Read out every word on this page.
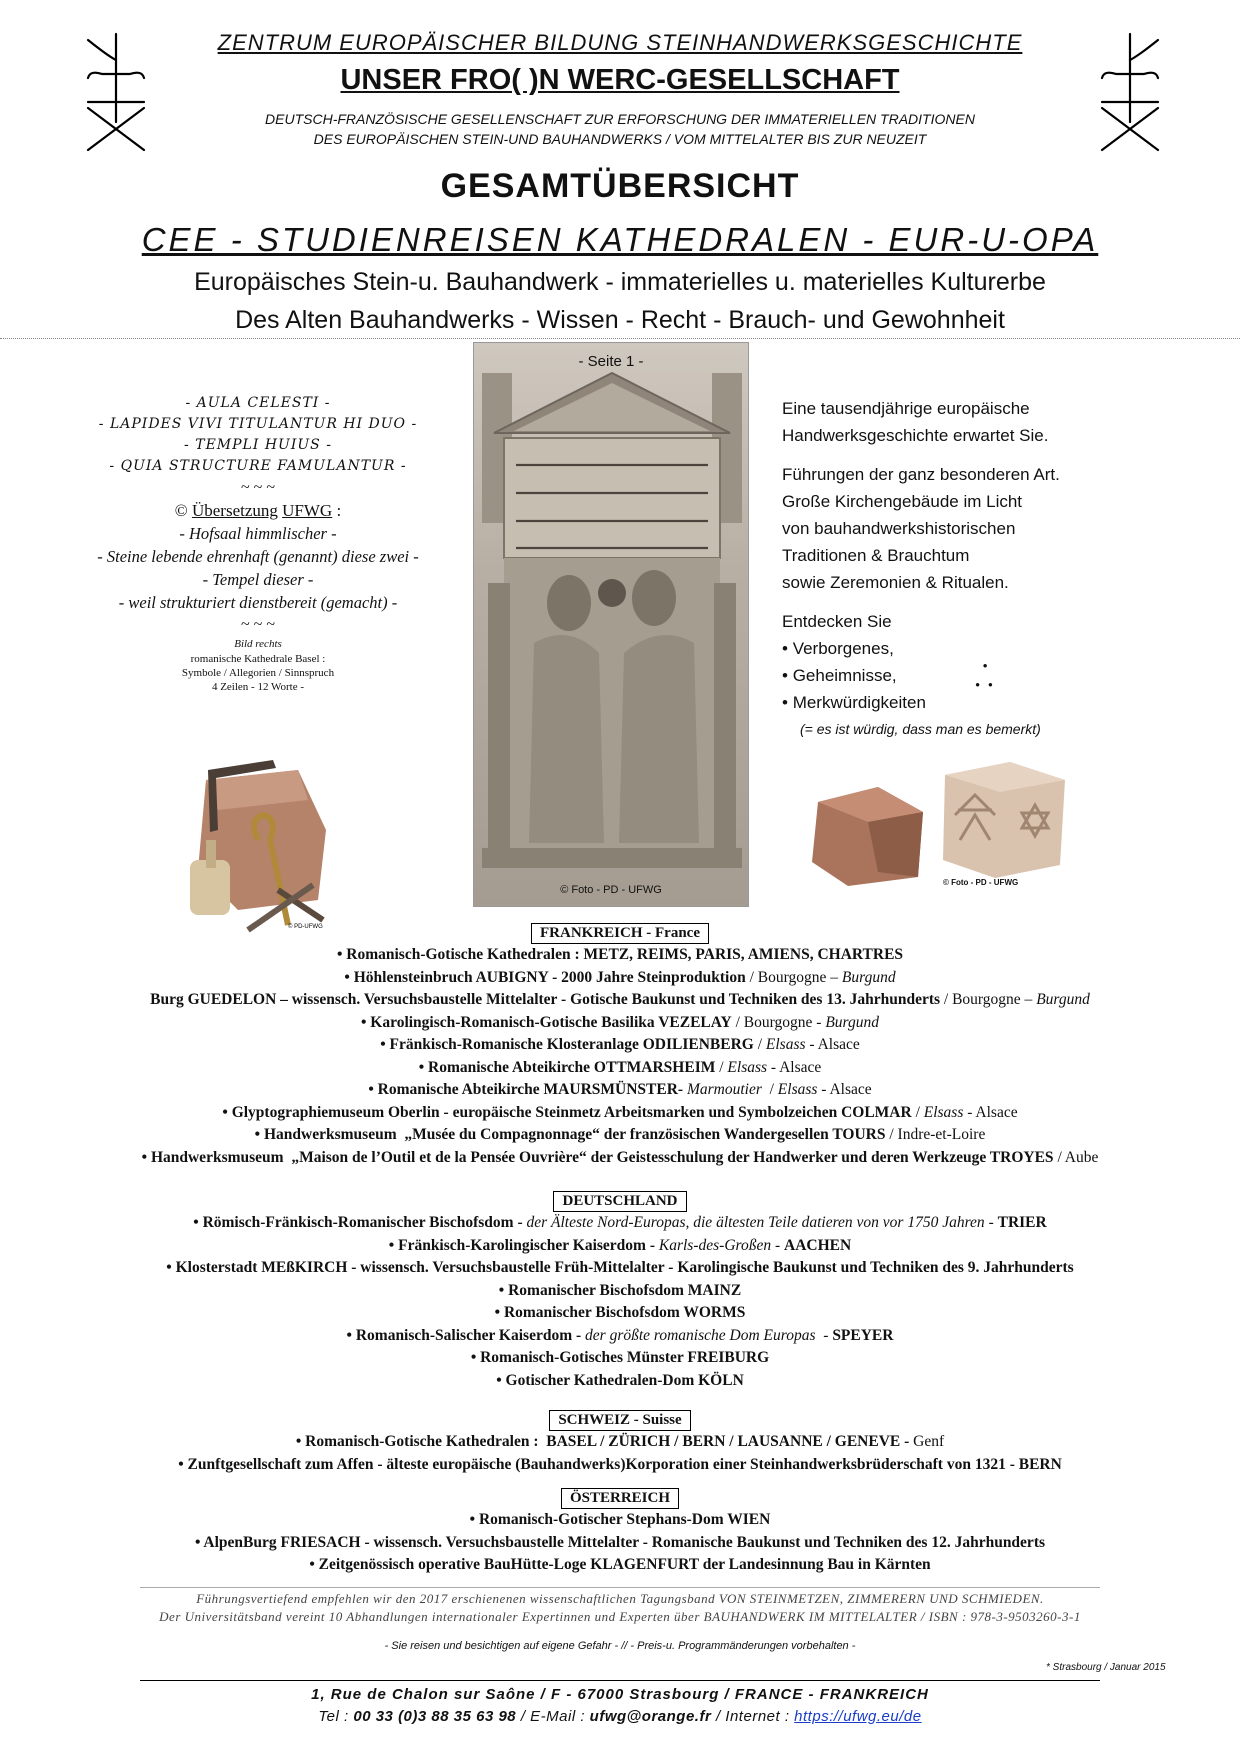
ZENTRUM EUROPÄISCHER BILDUNG STEINHANDWERKSGESCHICHTE
UNSER FRO( )N WERC-GESELLSCHAFT
DEUTSCH-FRANZÖSISCHE GESELLENSCHAFT ZUR ERFORSCHUNG DER IMMATERIELLEN TRADITIONEN
DES EUROPÄISCHEN STEIN-UND BAUHANDWERKS / VOM MITTELALTER BIS ZUR NEUZEIT
GESAMTÜBERSICHT
CEE - STUDIENREISEN KATHEDRALEN - EUR-U-OPA
Europäisches Stein-u. Bauhandwerk - immaterielles u. materielles Kulturerbe
Des Alten Bauhandwerks - Wissen - Recht - Brauch- und Gewohnheit
- Seite 1 -
© Foto - PD - UFWG
- AULA CELESTI -
- LAPIDES VIVI TITULANTUR HI DUO -
- TEMPLI HUIUS -
- QUIA STRUCTURE FAMULANTUR -
~ ~ ~
© Übersetzung UFWG :
- Hofsaal himmlischer -
- Steine lebende ehrenhaft (genannt) diese zwei -
- Tempel dieser -
- weil strukturiert dienstbereit (gemacht) -
~ ~ ~
Bild rechts
romanische Kathedrale Basel :
Symbole / Allegorien / Sinnspruch
4 Zeilen - 12 Worte -
© PD-UFWG

Eine tausendjährige europäische Handwerksgeschichte erwartet Sie.

Führungen der ganz besonderen Art.
Große Kirchengebäude im Licht
von bauhandwerkshistorischen
Traditionen & Brauchtum
sowie Zeremonien & Ritualen.

Entdecken Sie
• Verborgenes,
• Geheimnisse,
• Merkwürdigkeiten
(= es ist würdig, dass man es bemerkt)
•
•  •
© Foto - PD - UFWG
FRANKREICH - France
• Romanisch-Gotische Kathedralen : METZ, REIMS, PARIS, AMIENS, CHARTRES
• Höhlensteinbruch AUBIGNY - 2000 Jahre Steinproduktion / Bourgogne – Burgund
Burg GUEDELON – wissensch. Versuchsbaustelle Mittelalter - Gotische Baukunst und Techniken des 13. Jahrhunderts / Bourgogne – Burgund
• Karolingisch-Romanisch-Gotische Basilika VEZELAY / Bourgogne - Burgund
• Fränkisch-Romanische Klosteranlage ODILIENBERG / Elsass - Alsace
• Romanische Abteikirche OTTMARSHEIM / Elsass - Alsace
• Romanische Abteikirche MAURSMÜNSTER- Marmoutier  / Elsass - Alsace
• Glyptographiemuseum Oberlin - europäische Steinmetz Arbeitsmarken und Symbolzeichen COLMAR / Elsass - Alsace
• Handwerksmuseum  „Musée du Compagnonnage“ der französischen Wandergesellen TOURS / Indre-et-Loire
• Handwerksmuseum  „Maison de l’Outil et de la Pensée Ouvrière“ der Geistesschulung der Handwerker und deren Werkzeuge TROYES / Aube
DEUTSCHLAND
• Römisch-Fränkisch-Romanischer Bischofsdom - der Älteste Nord-Europas, die ältesten Teile datieren von vor 1750 Jahren - TRIER
• Fränkisch-Karolingischer Kaiserdom - Karls-des-Großen - AACHEN
• Klosterstadt MEßKIRCH - wissensch. Versuchsbaustelle Früh-Mittelalter - Karolingische Baukunst und Techniken des 9. Jahrhunderts
• Romanischer Bischofsdom MAINZ
• Romanischer Bischofsdom WORMS
• Romanisch-Salischer Kaiserdom - der größte romanische Dom Europas  - SPEYER
• Romanisch-Gotisches Münster FREIBURG
• Gotischer Kathedralen-Dom KÖLN
SCHWEIZ - Suisse
• Romanisch-Gotische Kathedralen :  BASEL / ZÜRICH / BERN / LAUSANNE / GENEVE - Genf
• Zunftgesellschaft zum Affen - älteste europäische (Bauhandwerks)Korporation einer Steinhandwerksbrüderschaft von 1321 - BERN
ÖSTERREICH
• Romanisch-Gotischer Stephans-Dom WIEN
• AlpenBurg FRIESACH - wissensch. Versuchsbaustelle Mittelalter - Romanische Baukunst und Techniken des 12. Jahrhunderts
• Zeitgenössisch operative BauHütte-Loge KLAGENFURT der Landesinnung Bau in Kärnten
Führungsvertiefend empfehlen wir den 2017 erschienenen wissenschaftlichen Tagungsband VON STEINMETZEN, ZIMMERERN UND SCHMIEDEN.
Der Universitätsband vereint 10 Abhandlungen internationaler Expertinnen und Experten über BAUHANDWERK IM MITTELALTER / ISBN : 978-3-9503260-3-1
- Sie reisen und besichtigen auf eigene Gefahr - // - Preis-u. Programmänderungen vorbehalten -
* Strasbourg / Januar 2015
1, Rue de Chalon sur Saône / F - 67000 Strasbourg / FRANCE - FRANKREICH
Tel : 00 33 (0)3 88 35 63 98 / E-Mail : ufwg@orange.fr / Internet : https://ufwg.eu/de
